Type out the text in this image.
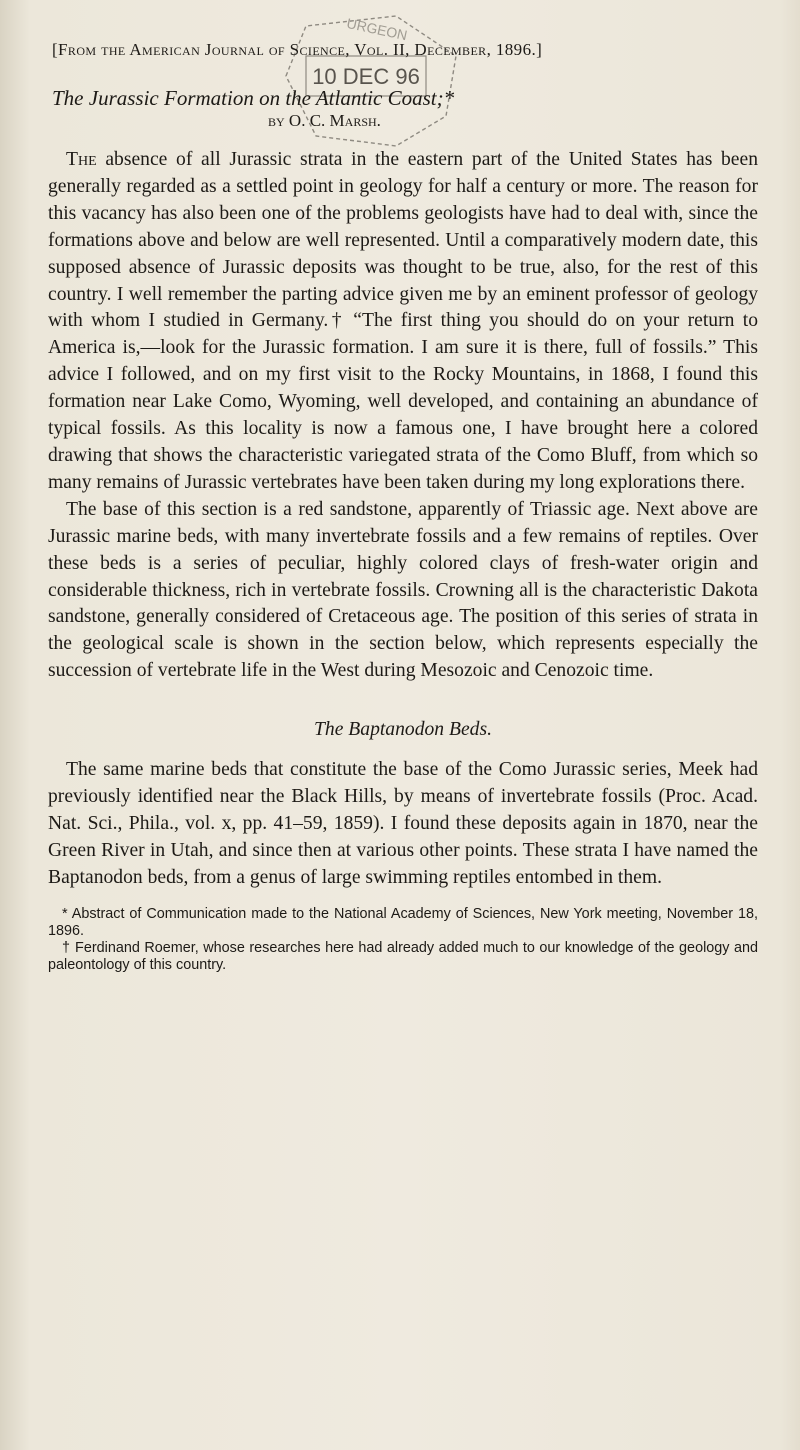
10 DEC 96
URGEON

[From the American Journal of Science, Vol. II, December, 1896.]

The Jurassic Formation on the Atlantic Coast;*

by O. C. Marsh.

The absence of all Jurassic strata in the eastern part of the United States has been generally regarded as a settled point in geology for half a century or more. The reason for this vacancy has also been one of the problems geologists have had to deal with, since the formations above and below are well represented. Until a comparatively modern date, this supposed absence of Jurassic deposits was thought to be true, also, for the rest of this country. I well remember the parting advice given me by an eminent professor of geology with whom I studied in Germany.† “The first thing you should do on your return to America is,—look for the Jurassic formation. I am sure it is there, full of fossils.” This advice I followed, and on my first visit to the Rocky Mountains, in 1868, I found this formation near Lake Como, Wyoming, well developed, and containing an abundance of typical fossils. As this locality is now a famous one, I have brought here a colored drawing that shows the characteristic variegated strata of the Como Bluff, from which so many remains of Jurassic vertebrates have been taken during my long explorations there.

The base of this section is a red sandstone, apparently of Triassic age. Next above are Jurassic marine beds, with many invertebrate fossils and a few remains of reptiles. Over these beds is a series of peculiar, highly colored clays of fresh-water origin and considerable thickness, rich in vertebrate fossils. Crowning all is the characteristic Dakota sandstone, generally considered of Cretaceous age. The position of this series of strata in the geological scale is shown in the section below, which represents especially the succession of vertebrate life in the West during Mesozoic and Cenozoic time.

The Baptanodon Beds.

The same marine beds that constitute the base of the Como Jurassic series, Meek had previously identified near the Black Hills, by means of invertebrate fossils (Proc. Acad. Nat. Sci., Phila., vol. x, pp. 41–59, 1859). I found these deposits again in 1870, near the Green River in Utah, and since then at various other points. These strata I have named the Baptanodon beds, from a genus of large swimming reptiles entombed in them.

* Abstract of Communication made to the National Academy of Sciences, New York meeting, November 18, 1896.

† Ferdinand Roemer, whose researches here had already added much to our knowledge of the geology and paleontology of this country.
